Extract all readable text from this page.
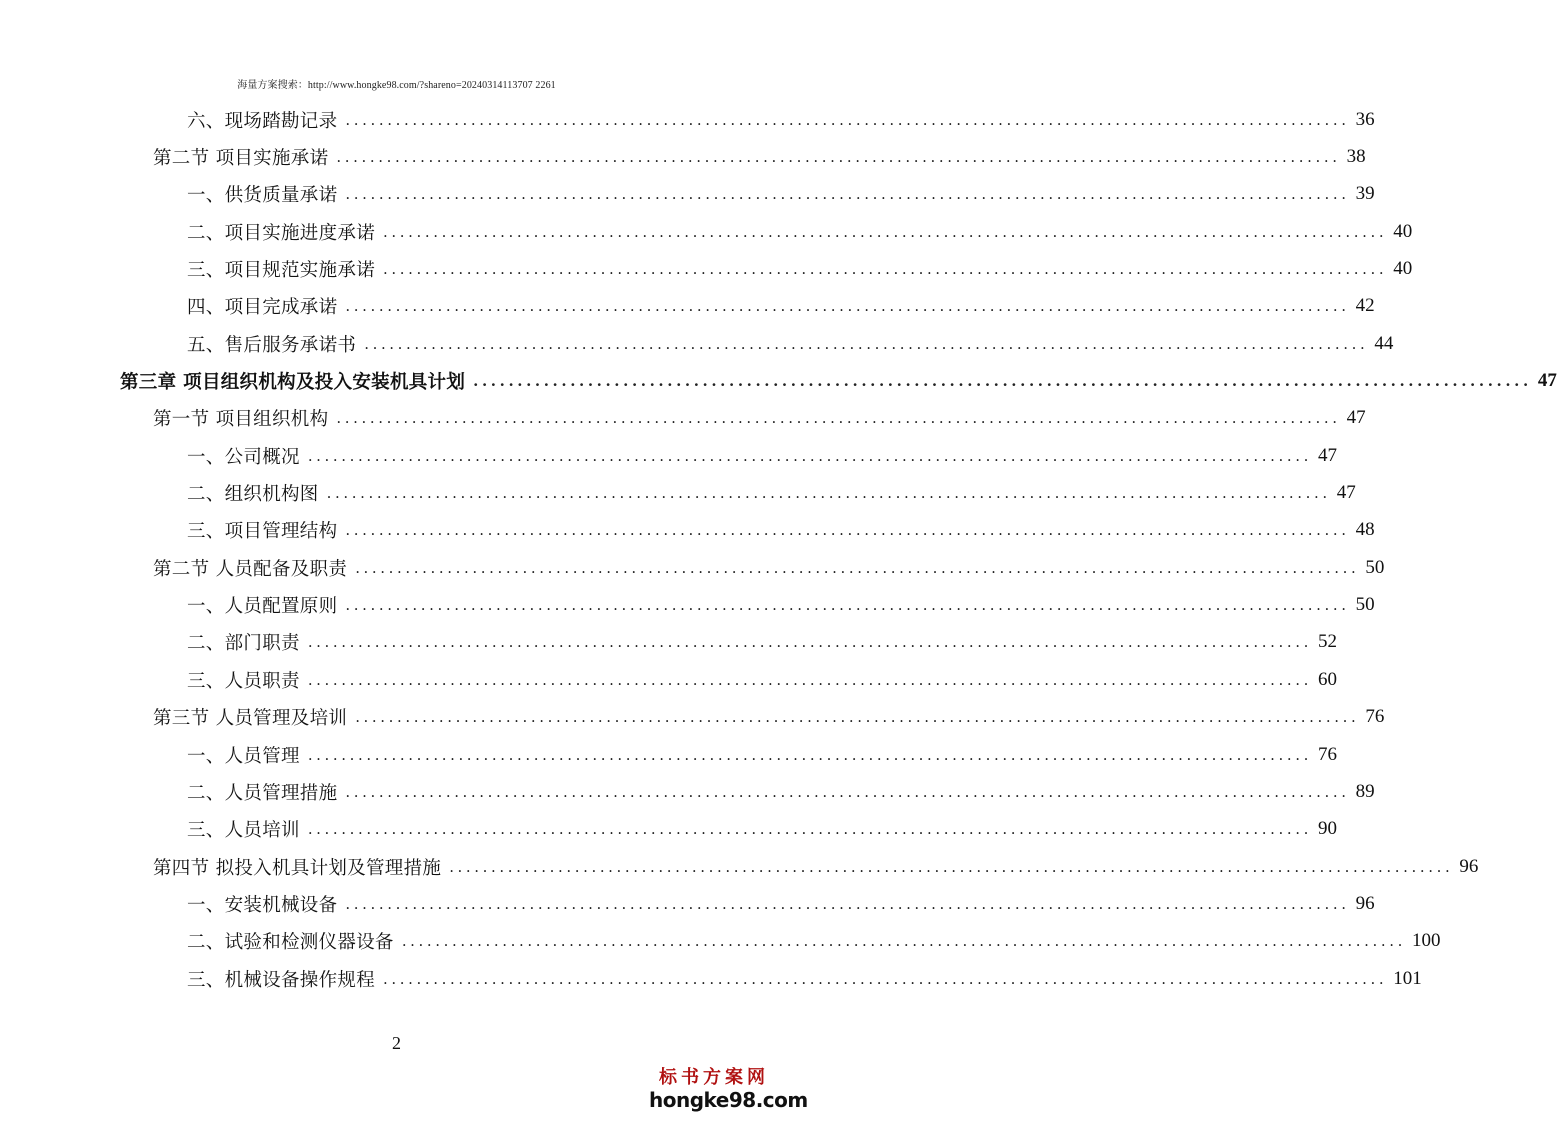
海量方案搜索：http://www.hongke98.com/?shareno=20240314113707 2261
六、现场踏勘记录 ........................................................................................................................ 36
第二节 项目实施承诺 ........................................................................................................................ 38
一、供货质量承诺 ........................................................................................................................ 39
二、项目实施进度承诺 ........................................................................................................................ 40
三、项目规范实施承诺 ........................................................................................................................ 40
四、项目完成承诺 ........................................................................................................................ 42
五、售后服务承诺书 ........................................................................................................................ 44
第三章 项目组织机构及投入安装机具计划 ........................................................................................................................ 47
第一节 项目组织机构 ........................................................................................................................ 47
一、公司概况 ........................................................................................................................ 47
二、组织机构图 ........................................................................................................................ 47
三、项目管理结构 ........................................................................................................................ 48
第二节 人员配备及职责 ........................................................................................................................ 50
一、人员配置原则 ........................................................................................................................ 50
二、部门职责 ........................................................................................................................ 52
三、人员职责 ........................................................................................................................ 60
第三节 人员管理及培训 ........................................................................................................................ 76
一、人员管理 ........................................................................................................................ 76
二、人员管理措施 ........................................................................................................................ 89
三、人员培训 ........................................................................................................................ 90
第四节 拟投入机具计划及管理措施 ........................................................................................................................ 96
一、安装机械设备 ........................................................................................................................ 96
二、试验和检测仪器设备 ........................................................................................................................ 100
三、机械设备操作规程 ........................................................................................................................ 101
2
标书方案网
hongke98.com
